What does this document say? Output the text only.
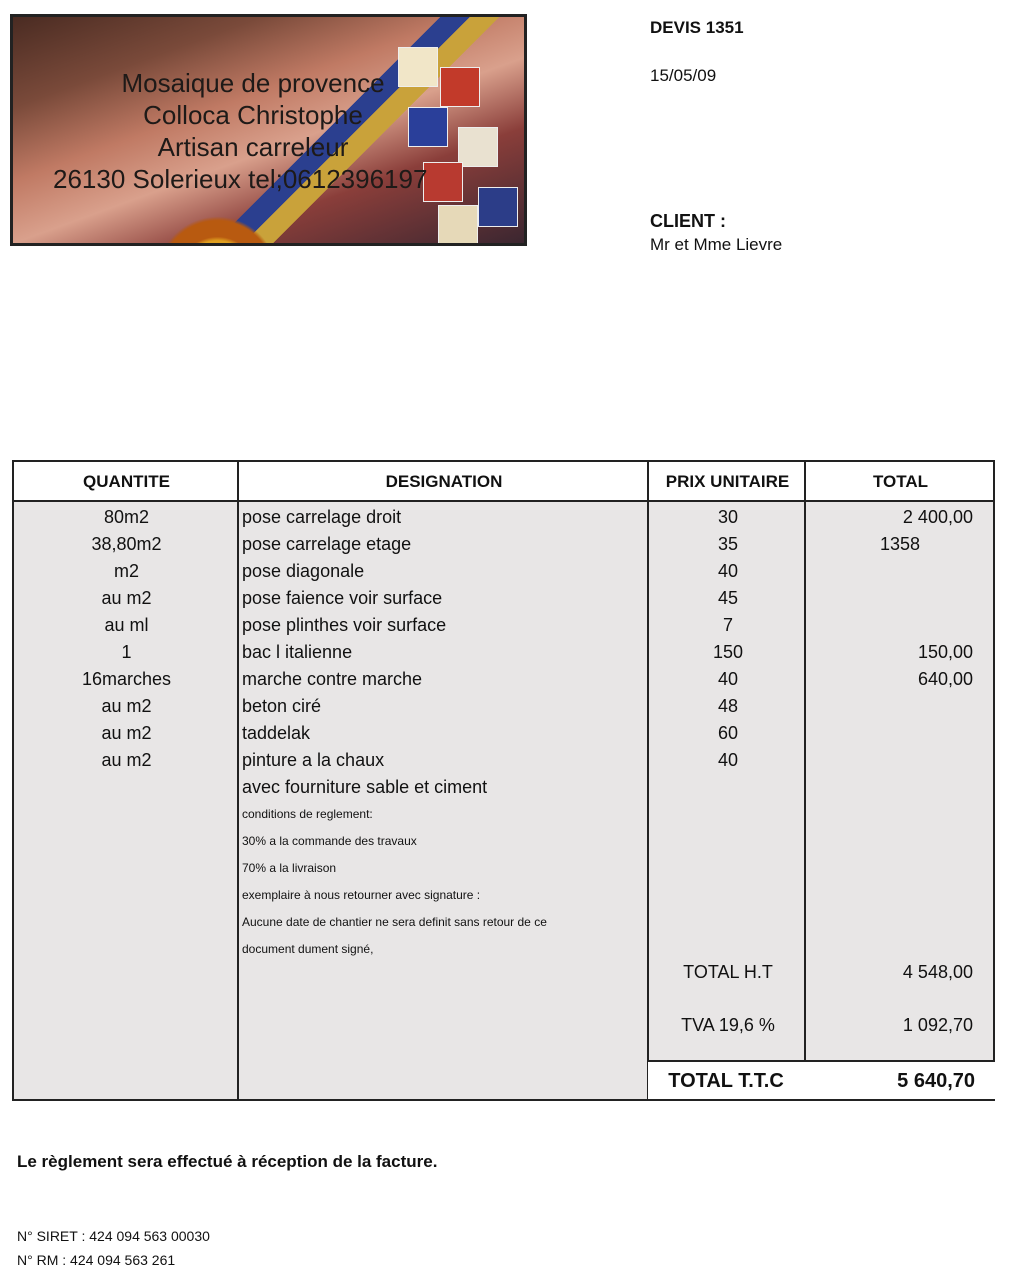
Mosaique de provence
Colloca Christophe
Artisan carreleur
26130 Solerieux tel;0612396197
DEVIS 1351
15/05/09
CLIENT :
Mr et Mme Lievre
QUANTITE	DESIGNATION	PRIX UNITAIRE	TOTAL
80m2	pose carrelage droit	30	2 400,00
38,80m2	pose carrelage etage	35	1358
m2	pose diagonale	40
au m2	pose faience voir surface	45
au ml	pose plinthes voir surface	7
1	bac l italienne	150	150,00
16marches	marche contre marche	40	640,00
au m2	beton ciré	48
au m2	taddelak	60
au m2	pinture a la chaux	40
avec fourniture sable et ciment
conditions de reglement:
30% a la commande des travaux
70% a la livraison
exemplaire à nous retourner avec signature :
Aucune date de chantier ne sera definit sans retour de ce
document dument signé,
TOTAL H.T	4 548,00
TVA 19,6 %	1 092,70
TOTAL T.T.C	5 640,70
Le règlement sera effectué à réception de la facture.
N° SIRET : 424 094 563 00030
N° RM : 424 094 563 261
